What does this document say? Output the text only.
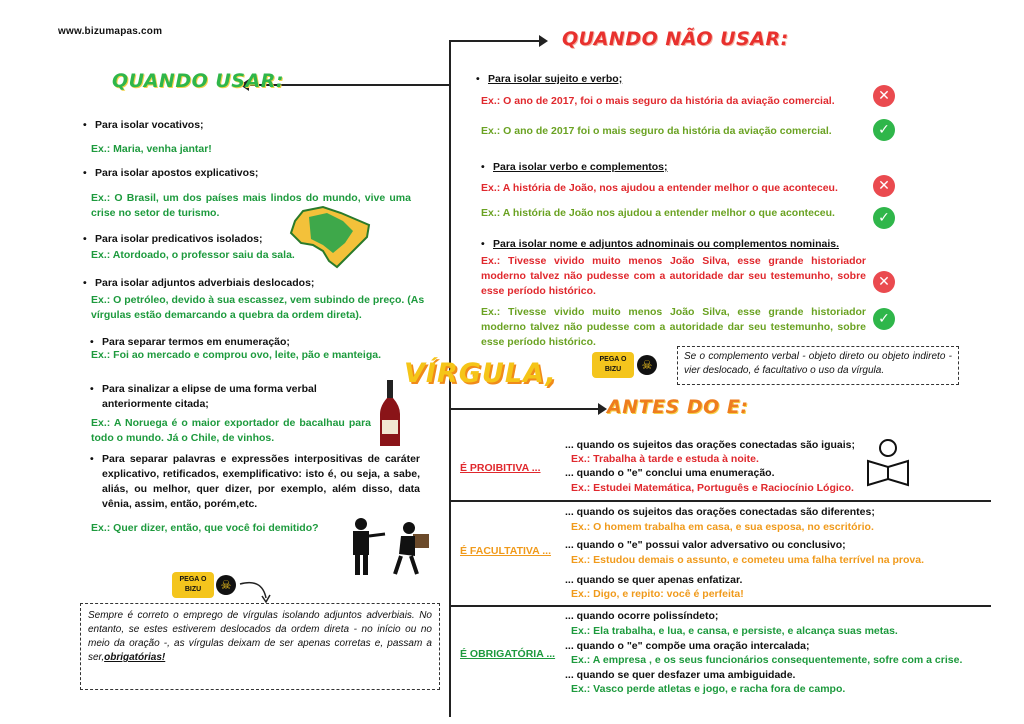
www.bizumapas.com
QUANDO USAR:
QUANDO NÃO USAR:
VÍRGULA,
ANTES DO E:
• Para isolar vocativos;
Ex.: Maria, venha jantar!
• Para isolar apostos explicativos;
Ex.: O Brasil, um dos países mais lindos do mundo, vive uma crise no setor de turismo.
• Para isolar predicativos isolados;
Ex.: Atordoado, o professor saiu da sala.
• Para isolar adjuntos adverbiais deslocados;
Ex.: O petróleo, devido à sua escassez, vem subindo de preço. (As vírgulas estão demarcando a quebra da ordem direta).
• Para separar termos em enumeração;
Ex.: Foi ao mercado e comprou ovo, leite, pão e manteiga.
• Para sinalizar a elipse de uma forma verbal anteriormente citada;
Ex.: A Noruega é o maior exportador de bacalhau para todo o mundo. Já o Chile, de vinhos.
• Para separar palavras e expressões interpositivas de caráter explicativo, retificados, exemplificativo: isto é, ou seja, a sabe, aliás, ou melhor, quer dizer, por exemplo, além disso, data vênia, assim, então, porém,etc.
Ex.: Quer dizer, então, que você foi demitido?
PEGA O
BIZU	☠
Sempre é correto o emprego de vírgulas isolando adjuntos adverbiais. No entanto, se estes estiverem deslocados da ordem direta - no início ou no meio da oração -, as vírgulas deixam de ser apenas corretas e, passam a ser,obrigatórias!
• Para isolar sujeito e verbo;
Ex.: O ano de 2017, foi o mais seguro da história da aviação comercial.	✕
Ex.: O ano de 2017 foi o mais seguro da história da aviação comercial.	✓
• Para isolar verbo e complementos;
Ex.: A história de João, nos ajudou a entender melhor o que aconteceu.	✕
Ex.: A história de João nos ajudou a entender melhor o que aconteceu.	✓
• Para isolar nome e adjuntos adnominais ou complementos nominais.
Ex.: Tivesse vivido muito menos João Silva, esse grande historiador moderno talvez não pudesse com a autoridade dar seu testemunho, sobre esse período histórico.
✕
Ex.: Tivesse vivido muito menos João Silva, esse grande historiador moderno talvez não pudesse com a autoridade dar seu testemunho, sobre esse período histórico.
✓
PEGA O
BIZU	☠
Se o complemento verbal - objeto direto ou objeto indireto - vier deslocado, é facultativo o uso da vírgula.
É PROIBITIVA ...
... quando os sujeitos das orações conectadas são iguais;
Ex.: Trabalha à tarde e estuda à noite.
... quando o "e" conclui uma enumeração.
Ex.: Estudei Matemática, Português e Raciocínio Lógico.
É FACULTATIVA ...
... quando os sujeitos das orações conectadas são diferentes;
Ex.: O homem trabalha em casa, e sua esposa, no escritório.
... quando o "e" possui valor adversativo ou conclusivo;
Ex.: Estudou demais o assunto, e cometeu uma falha terrível na prova.
... quando se quer apenas enfatizar.
Ex.: Digo, e repito: você é perfeita!
É OBRIGATÓRIA ...
... quando ocorre polissíndeto;
Ex.: Ela trabalha, e lua, e cansa, e persiste, e alcança suas metas.
... quando o "e" compõe uma oração intercalada;
Ex.: A empresa , e os seus funcionários consequentemente, sofre com a crise.
... quando se quer desfazer uma ambiguidade.
Ex.: Vasco perde atletas e jogo, e racha fora de campo.
